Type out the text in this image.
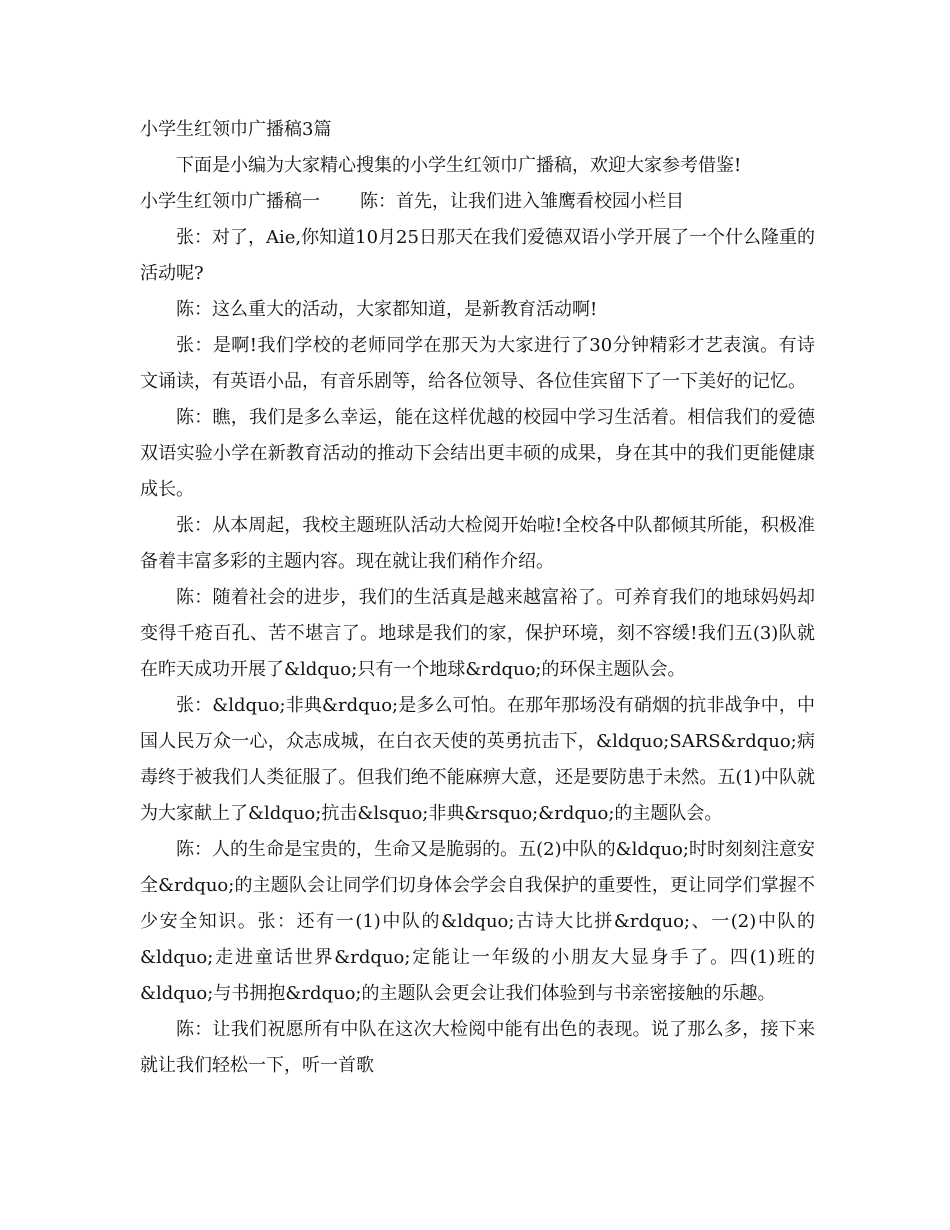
小学生红领巾广播稿3篇

下面是小编为大家精心搜集的小学生红领巾广播稿，欢迎大家参考借鉴!

小学生红领巾广播稿一 陈：首先，让我们进入雏鹰看校园小栏目

张：对了，Aie,你知道10月25日那天在我们爱德双语小学开展了一个什么隆重的活动呢?

陈：这么重大的活动，大家都知道，是新教育活动啊!

张：是啊!我们学校的老师同学在那天为大家进行了30分钟精彩才艺表演。有诗文诵读，有英语小品，有音乐剧等，给各位领导、各位佳宾留下了一下美好的记忆。

陈：瞧，我们是多么幸运，能在这样优越的校园中学习生活着。相信我们的爱德双语实验小学在新教育活动的推动下会结出更丰硕的成果，身在其中的我们更能健康成长。

张：从本周起，我校主题班队活动大检阅开始啦!全校各中队都倾其所能，积极准备着丰富多彩的主题内容。现在就让我们稍作介绍。

陈：随着社会的进步，我们的生活真是越来越富裕了。可养育我们的地球妈妈却变得千疮百孔、苦不堪言了。地球是我们的家，保护环境，刻不容缓!我们五(3)队就在昨天成功开展了&ldquo;只有一个地球&rdquo;的环保主题队会。

张：&ldquo;非典&rdquo;是多么可怕。在那年那场没有硝烟的抗非战争中，中国人民万众一心，众志成城，在白衣天使的英勇抗击下，&ldquo;SARS&rdquo;病毒终于被我们人类征服了。但我们绝不能麻痹大意，还是要防患于未然。五(1)中队就为大家献上了&ldquo;抗击&lsquo;非典&rsquo;&rdquo;的主题队会。

陈：人的生命是宝贵的，生命又是脆弱的。五(2)中队的&ldquo;时时刻刻注意安全&rdquo;的主题队会让同学们切身体会学会自我保护的重要性，更让同学们掌握不少安全知识。张：还有一(1)中队的&ldquo;古诗大比拼&rdquo;、一(2)中队的&ldquo;走进童话世界&rdquo;定能让一年级的小朋友大显身手了。四(1)班的&ldquo;与书拥抱&rdquo;的主题队会更会让我们体验到与书亲密接触的乐趣。

陈：让我们祝愿所有中队在这次大检阅中能有出色的表现。说了那么多，接下来就让我们轻松一下，听一首歌
